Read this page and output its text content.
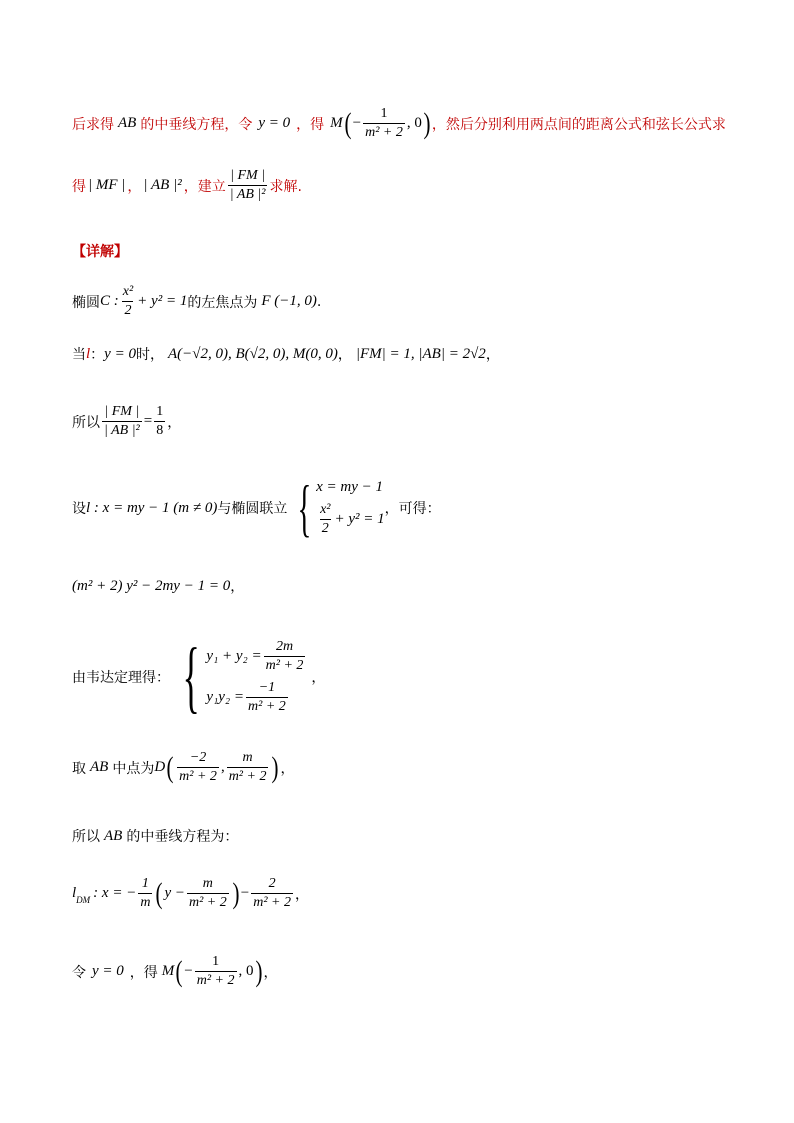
后求得 AB 的中垂线方程，令 y = 0 ，得 M ( − $\frac{1}{\text{m² + 2}}$ , 0 ) ，然后分别利用两点间的距离公式和弦长公式求
得 | MF | ， | AB |² ，建立 $\frac{| FM |}{\text{| AB |²}}$ 求解.
【详解】
椭圆 C : $\frac{\text{x²}}{2} + y^2 = 1$ 的左焦点为 F (−1, 0) .
当 l ： y = 0 时， A(−√2, 0), B(√2, 0), M(0, 0) ， |FM| = 1, |AB| = 2√2 ，
所以 $\frac{| FM |}{\text{| AB |²}} = \frac{1}{8}$ ，
设 l : x = my − 1 (m ≠ 0) 与椭圆联立 { x = my − 1
$\frac{\text{x²}}{2} + y^2 = 1$
，可得：
(m² + 2) y² − 2my − 1 = 0 ，
由韦达定理得： { $y_1 + y_2 = \frac{2m}{\text{m² + 2}}$
$y_1y_2 = \frac{-1}{\text{m² + 2}}$
，
取 AB 中点为 D ( $\frac{-2}{\text{m² + 2}}$ , $\frac{m}{\text{m² + 2}}$ ) ，
所以 AB 的中垂线方程为：
$l_{DM}$ : x = − $\frac{1}{m}$ ( $y - \frac{m}{\text{m² + 2}}$ ) − $\frac{2}{\text{m² + 2}}$ ，
令 y = 0 ，得 M ( − $\frac{1}{\text{m² + 2}}$ , 0 ) ，
